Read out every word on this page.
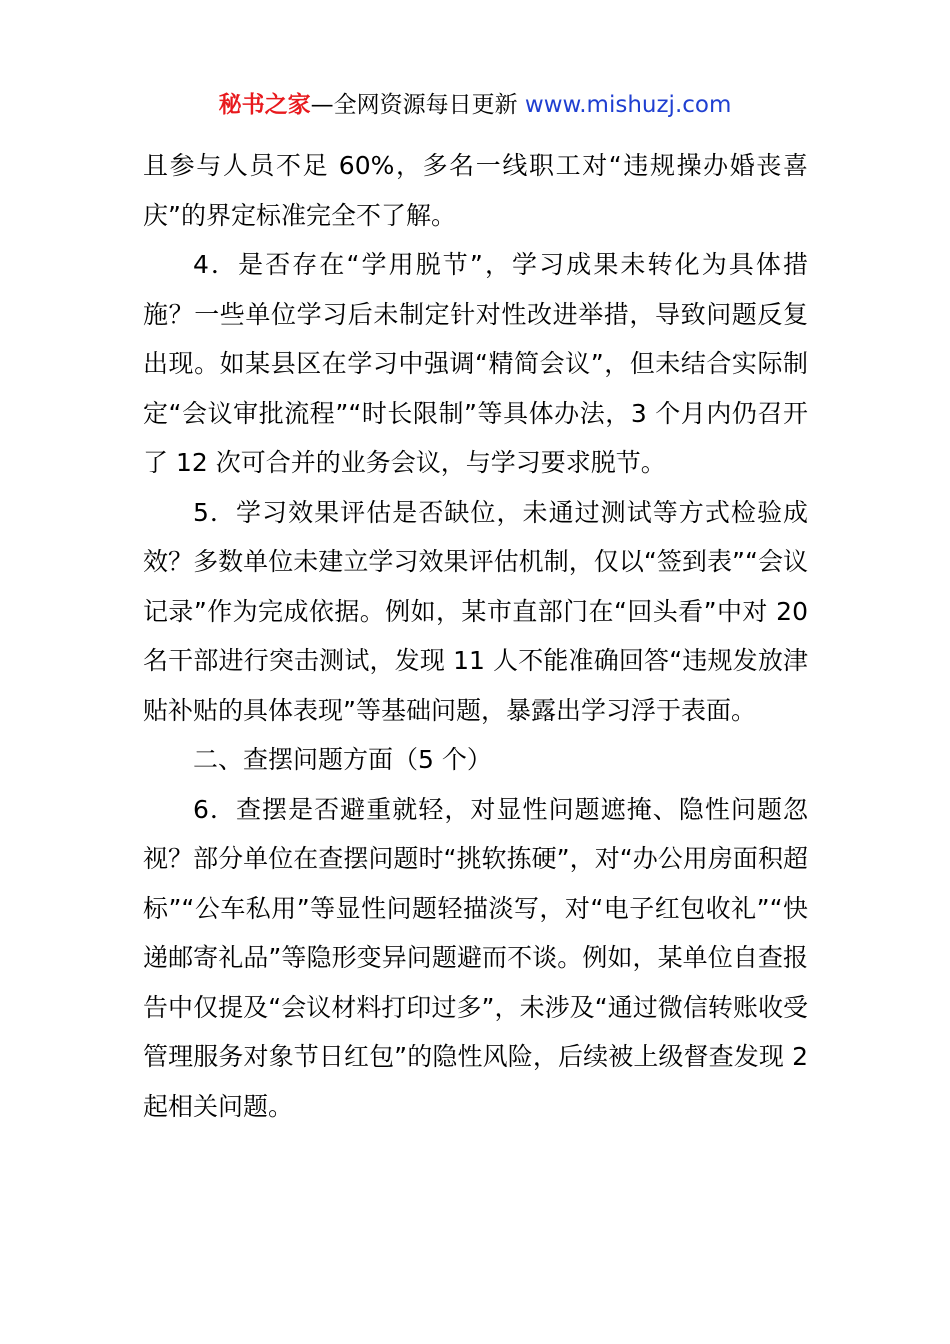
秘书之家—全网资源每日更新 www.mishuzj.com

且参与人员不足 60%，多名一线职工对“违规操办婚丧喜庆”的界定标准完全不了解。

4．是否存在“学用脱节”，学习成果未转化为具体措施？一些单位学习后未制定针对性改进举措，导致问题反复出现。如某县区在学习中强调“精简会议”，但未结合实际制定“会议审批流程”“时长限制”等具体办法，3 个月内仍召开了 12 次可合并的业务会议，与学习要求脱节。

5．学习效果评估是否缺位，未通过测试等方式检验成效？多数单位未建立学习效果评估机制，仅以“签到表”“会议记录”作为完成依据。例如，某市直部门在“回头看”中对 20 名干部进行突击测试，发现 11 人不能准确回答“违规发放津贴补贴的具体表现”等基础问题，暴露出学习浮于表面。

二、查摆问题方面（5 个）

6．查摆是否避重就轻，对显性问题遮掩、隐性问题忽视？部分单位在查摆问题时“挑软拣硬”，对“办公用房面积超标”“公车私用”等显性问题轻描淡写，对“电子红包收礼”“快递邮寄礼品”等隐形变异问题避而不谈。例如，某单位自查报告中仅提及“会议材料打印过多”，未涉及“通过微信转账收受管理服务对象节日红包”的隐性风险，后续被上级督查发现 2 起相关问题。
